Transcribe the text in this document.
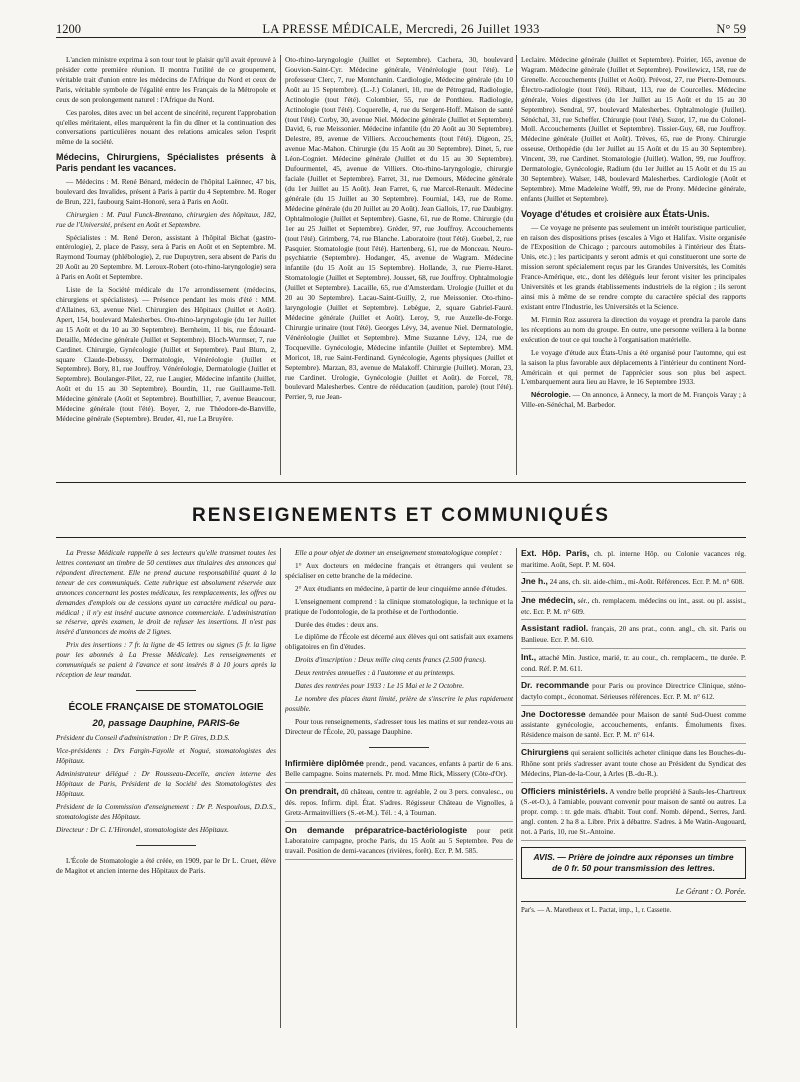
1200	LA PRESSE MÉDICALE, Mercredi, 26 Juillet 1933	N° 59

L'ancien ministre exprima à son tour tout le plaisir qu'il avait éprouvé à présider cette première réunion. Il montra l'utilité de ce groupement, véritable trait d'union entre les médecins de l'Afrique du Nord et ceux de Paris, véritable symbole de l'égalité entre les Français de la Métropole et ceux de son prolongement naturel : l'Afrique du Nord.

Ces paroles, dites avec un bel accent de sincérité, reçurent l'approbation qu'elles méritaient, elles marquèrent la fin du dîner et la continuation des conversations particulières nouant des relations amicales selon l'esprit même de la société.

Médecins, Chirurgiens, Spécialistes présents à Paris pendant les vacances.

— Médecins : M. René Bénard, médecin de l'hôpital Laënnec, 47 bis, boulevard des Invalides, présent à Paris à partir du 4 Septembre. M. Roger de Brun, 221, faubourg Saint-Honoré, sera à Paris en Août.

Chirurgien : M. Paul Funck-Brentano, chirurgien des hôpitaux, 182, rue de l'Université, présent en Août et Septembre.

Spécialistes : M. René Deron, assistant à l'hôpital Bichat (gastro-entérologie), 2, place de Passy, sera à Paris en Août et en Septembre. M. Raymond Tournay (phlébologie), 2, rue Dupuytren, sera absent de Paris du 20 Août au 20 Septembre. M. Leroux-Robert (oto-rhino-laryngologie) sera à Paris en Août et Septembre.

Liste de la Société médicale du 17e arrondissement (médecins, chirurgiens et spécialistes). — Présence pendant les mois d'été : MM. d'Allaines, 63, avenue Niel. Chirurgien des Hôpitaux (Juillet et Août). Apert, 154, boulevard Malesherbes. Oto-rhino-laryngologie (du 1er Juillet au 15 Août et du 10 au 30 Septembre). Bernheim, 11 bis, rue Édouard-Detaille, Médecine générale (Juillet et Septembre). Bloch-Wurmser, 7, rue Cardinet. Chirurgie, Gynécologie (Juillet et Septembre). Paul Blum, 2, square Claude-Debussy, Dermatologie, Vénéréologie (Juillet et Septembre). Bory, 81, rue Jouffroy. Vénéréologie, Dermatologie (Juillet et Septembre). Boulanger-Pilet, 22, rue Laugier, Médecine infantile (Juillet, Août et du 15 au 30 Septembre). Bourdin, 11, rue Guillaume-Tell. Médecine générale (Août et Septembre). Bouthillier, 7, avenue Beaucour, Médecine générale (tout l'été). Boyer, 2, rue Théodore-de-Banville, Médecine générale (Septembre). Bruder, 41, rue La Bruyère.

Oto-rhino-laryngologie (Juillet et Septembre). Cachera, 30, boulevard Gouvion-Saint-Cyr. Médecine générale, Vénéréologie (tout l'été). Le professeur Clerc, 7, rue Montchanin. Cardiologie, Médecine générale (du 10 Août au 15 Septembre). (L.-J.) Colaneri, 10, rue de Pétrograd, Radiologie, Actinologie (tout l'été). Colombier, 55, rue de Ponthieu. Radiologie, Actinologie (tout l'été). Coquerelle, 4, rue du Sergent-Hoff. Maison de santé (tout l'été). Corby, 30, avenue Niel. Médecine générale (Juillet et Septembre). David, 6, rue Meissonier. Médecine infantile (du 20 Août au 30 Septembre). Delestre, 89, avenue de Villiers. Accouchements (tout l'été). Digeon, 25, avenue Mac-Mahon. Chirurgie (du 15 Août au 30 Septembre). Dinet, 5, rue Léon-Cogniet. Médecine générale (Juillet et du 15 au 30 Septembre). Dufourmentel, 45, avenue de Villiers. Oto-rhino-laryngologie, chirurgie faciale (Juillet et Septembre). Farret, 31, rue Demours, Médecine générale (du 1er Juillet au 15 Août). Jean Farret, 6, rue Marcel-Renault. Médecine générale (du 15 Juillet au 30 Septembre). Fournial, 143, rue de Rome. Médecine générale (du 20 Juillet au 20 Août). Jean Gallois, 17, rue Daubigny. Ophtalmologie (Juillet et Septembre). Gasne, 61, rue de Rome. Chirurgie (du 1er au 25 Juillet et Septembre). Gréder, 97, rue Jouffroy. Accouchements (tout l'été). Grimberg, 74, rue Blanche. Laboratoire (tout l'été). Guebel, 2, rue Pasquier. Stomatologie (tout l'été). Hartenberg, 61, rue de Monceau. Neuro-psychiatrie (Septembre). Hodanger, 45, avenue de Wagram. Médecine infantile (du 15 Août au 15 Septembre). Hollande, 3, rue Pierre-Haret. Stomatologie (Juillet et Septembre). Jousset, 68, rue Jouffroy. Ophtalmologie (Juillet et Septembre). Lacaille, 65, rue d'Amsterdam. Urologie (Juillet et du 20 au 30 Septembre). Lacau-Saint-Guilly, 2, rue Meissonier. Oto-rhino-laryngologie (Juillet et Septembre). Lebègue, 2, square Gabriel-Fauré. Médecine générale (Juillet et Août). Leroy, 9, rue Auzelle-de-Forge. Chirurgie urinaire (tout l'été). Georges Lévy, 34, avenue Niel. Dermatologie, Vénéréologie (Juillet et Septembre). Mme Suzanne Lévy, 124, rue de Tocqueville. Gynécologie, Médecine infantile (Juillet et Septembre). MM. Moricot, 18, rue Saint-Ferdinand. Gynécologie, Agents physiques (Juillet et Septembre). Marzan, 83, avenue de Malakoff. Chirurgie (Juillet). Moran, 23, rue Cardinet. Urologie, Gynécologie (Juillet et Août). de Forcel, 78, boulevard Malesherbes. Centre de rééducation (audition, parole) (tout l'été). Perrier, 9, rue Jean-

Leclaire. Médecine générale (Juillet et Septembre). Poirier, 165, avenue de Wagram. Médecine générale (Juillet et Septembre). Powilewicz, 158, rue de Grenelle. Accouchements (Juillet et Août). Prévost, 27, rue Pierre-Demours. Électro-radiologie (tout l'été). Ribaut, 113, rue de Courcelles. Médecine générale, Voies digestives (du 1er Juillet au 15 Août et du 15 au 30 Septembre). Sendral, 97, boulevard Malesherbes. Ophtalmologie (Juillet). Sénéchal, 31, rue Scheffer. Chirurgie (tout l'été). Suzor, 17, rue du Colonel-Moll. Accouchements (Juillet et Septembre). Tissier-Guy, 68, rue Jouffroy. Médecine générale (Juillet et Août). Trèves, 65, rue de Prony. Chirurgie osseuse, Orthopédie (du 1er Juillet au 15 Août et du 15 au 30 Septembre). Vincent, 39, rue Cardinet. Stomatologie (Juillet). Wallon, 99, rue Jouffroy. Dermatologie, Gynécologie, Radium (du 1er Juillet au 15 Août et du 15 au 30 Septembre). Walser, 148, boulevard Malesherbes. Cardiologie (Août et Septembre). Mme Madeleine Wolff, 99, rue de Prony. Médecine générale, enfants (Juillet et Septembre).

Voyage d'études et croisière aux États-Unis.

— Ce voyage ne présente pas seulement un intérêt touristique particulier, en raison des dispositions prises (escales à Vigo et Halifax. Visite organisée de l'Exposition de Chicago ; parcours automobiles à l'intérieur des États-Unis, etc.) ; les participants y seront admis et qui constitueront une sorte de mission seront spécialement reçus par les Grandes Universités, les Comités France-Amérique, etc., dont les délégués leur feront visiter les principales Universités et les grands établissements industriels de la région ; ils seront ainsi mis à même de se rendre compte du caractère spécial des rapports existant entre l'Industrie, les Universités et la Science.

M. Firmin Roz assurera la direction du voyage et prendra la parole dans les réceptions au nom du groupe. En outre, une personne veillera à la bonne exécution de tout ce qui touche à l'organisation matérielle.

Le voyage d'étude aux États-Unis a été organisé pour l'automne, qui est la saison la plus favorable aux déplacements à l'intérieur du continent Nord-Américain et qui permet de l'apprécier sous son plus bel aspect. L'embarquement aura lieu au Havre, le 16 Septembre 1933.

Nécrologie. — On annonce, à Annecy, la mort de M. François Varay ; à Ville-en-Sénéchal, M. Barbedor.

RENSEIGNEMENTS ET COMMUNIQUÉS

La Presse Médicale rappelle à ses lecteurs qu'elle transmet toutes les lettres contenant un timbre de 50 centimes aux titulaires des annonces qui répondent directement. Elle ne prend aucune responsabilité quant à la teneur de ces communiqués. Cette rubrique est absolument réservée aux annonces concernant les postes médicaux, les remplacements, les offres ou demandes d'emplois ou de cessions ayant un caractère médical ou para-médical ; il n'y est inséré aucune annonce commerciale. L'administration se réserve, après examen, le droit de refuser les insertions. Il n'est pas inséré d'annonces de moins de 2 lignes.

Prix des insertions : 7 fr. la ligne de 45 lettres ou signes (5 fr. la ligne pour les abonnés à La Presse Médicale). Les renseignements et communiqués se paient à l'avance et sont insérés 8 à 10 jours après la réception de leur mandat.

ÉCOLE FRANÇAISE DE STOMATOLOGIE

20, passage Dauphine, PARIS-6e

Président du Conseil d'administration : Dr P. Gires, D.D.S.

Vice-présidents : Drs Fargin-Fayolle et Nogué, stomatologistes des Hôpitaux.

Administrateur délégué : Dr Rousseau-Decelle, ancien interne des Hôpitaux de Paris, Président de la Société des Stomatologistes des Hôpitaux.

Président de la Commission d'enseignement : Dr P. Nespoulous, D.D.S., stomatologiste des Hôpitaux.

Directeur : Dr C. L'Hirondel, stomatologiste des Hôpitaux.

L'École de Stomatologie a été créée, en 1909, par le Dr L. Cruet, élève de Magitot et ancien interne des Hôpitaux de Paris.

Elle a pour objet de donner un enseignement stomatologique complet :

1° Aux docteurs en médecine français et étrangers qui veulent se spécialiser en cette branche de la médecine.

2° Aux étudiants en médecine, à partir de leur cinquième année d'études.

L'enseignement comprend : la clinique stomatologique, la technique et la pratique de l'odontologie, de la prothèse et de l'orthodontie.

Durée des études : deux ans.

Le diplôme de l'École est décerné aux élèves qui ont satisfait aux examens obligatoires en fin d'études.

Droits d'inscription : Deux mille cinq cents francs (2.500 francs).

Deux rentrées annuelles : à l'automne et au printemps.

Dates des rentrées pour 1933 : Le 15 Mai et le 2 Octobre.

Le nombre des places étant limité, prière de s'inscrire le plus rapidement possible.

Pour tous renseignements, s'adresser tous les matins et sur rendez-vous au Directeur de l'École, 20, passage Dauphine.

Infirmière diplômée prendr., pend. vacances, enfants à partir de 6 ans. Belle campagne. Soins maternels. Pr. mod. Mme Rick, Missery (Côte-d'Or).

On prendrait, dû château, centre tr. agréable, 2 ou 3 pers. convalesc., ou dés. repos. Infirm. dipl. État. S'adres. Régisseur Château de Vignolles, à Gretz-Armainvilliers (S.-et-M.). Tél. : 4, à Tournan.

On demande préparatrice-bactériologiste pour petit Laboratoire campagne, proche Paris, du 15 Août au 5 Septembre. Peu de travail. Position de demi-vacances (rivières, forêt). Ecr. P. M. 585.

Ext. Hôp. Paris, ch. pl. interne Hôp. ou Colonie vacances rég. maritime. Août, Sept. P. M. 604.

Jne h., 24 ans, ch. sit. aide-chim., mi-Août. Références. Ecr. P. M. n° 608.

Jne médecin, sér., ch. remplacem. médecins ou int., asst. ou pl. assist., etc. Ecr. P. M. n° 609.

Assistant radiol. français, 20 ans prat., conn. angl., ch. sit. Paris ou Banlieue. Ecr. P. M. 610.

Int., attaché Min. Justice, marié, tr. au cour., ch. remplacem., tte durée. P. cond. Réf. P. M. 611.

Dr. recommande pour Paris ou province Directrice Clinique, sténo-dactylo compt., économat. Sérieuses références. Ecr. P. M. n° 612.

Jne Doctoresse demandée pour Maison de santé Sud-Ouest comme assistante gynécologie, accouchements, enfants. Émoluments fixes. Résidence maison de santé. Ecr. P. M. n° 614.

Chirurgiens qui seraient sollicités acheter clinique dans les Bouches-du-Rhône sont priés s'adresser avant toute chose au Président du Syndicat des Médecins, Plan-de-la-Cour, à Arles (B.-du-R.).

Officiers ministériels. A vendre belle propriété à Sauls-les-Chartreux (S.-et-O.), à l'amiable, pouvant convenir pour maison de santé ou autres. La propr. comp. : tr. gde mais. d'habit. Tout conf. Nomb. dépend., Serres, Jard. angl. conten. 2 ha 8 a. Libre. Prix à débattre. S'adres. à Me Watin-Augouard, not. à Paris, 10, rue St.-Antoine.

AVIS. — Prière de joindre aux réponses un timbre de 0 fr. 50 pour transmission des lettres.

Le Gérant : O. Porée.

Par's. — A. Maretheux et L. Pactat, imp., 1, r. Cassette.
